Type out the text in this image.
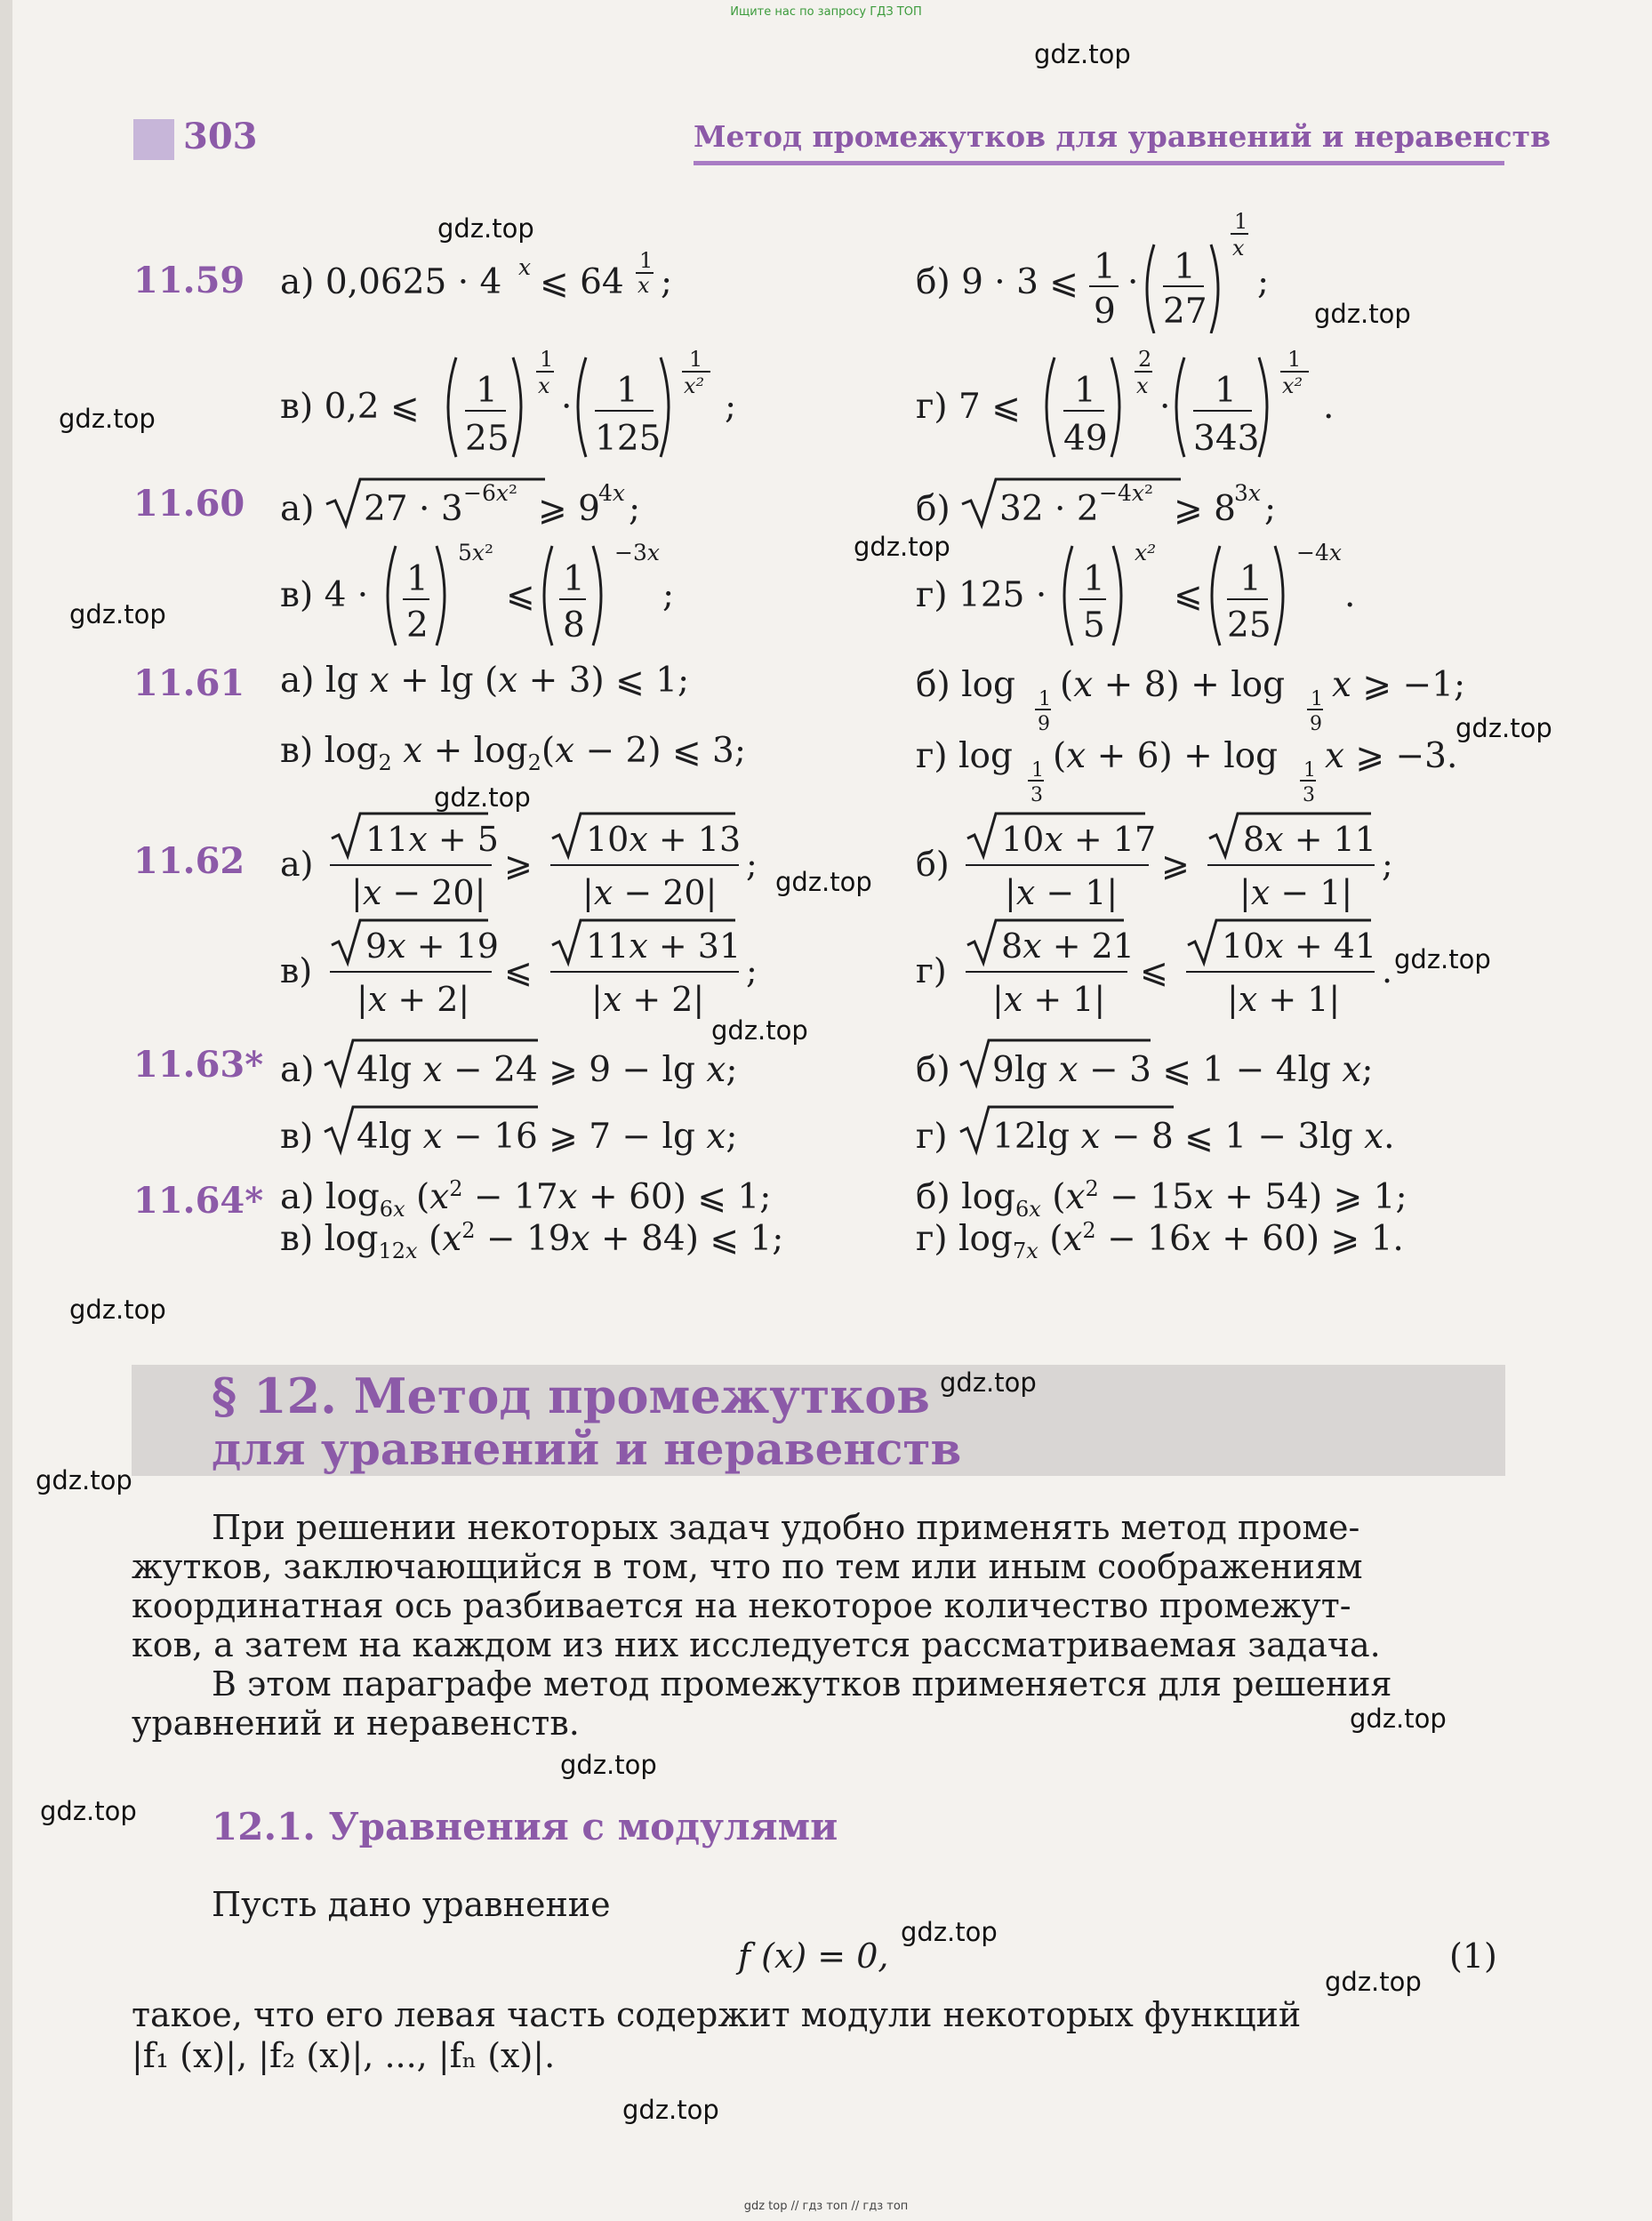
Ищите нас по запросу ГДЗ ТОП
303	Метод промежутков для уравнений и неравенств
11.59 а) 0,0625 · 4 x ⩽ 64
1
x ;	б) 9 · 3 ⩽ 1
9
· 1
27
1
x
;
в) 0,2 ⩽ 1
25
1
x
· 1
125
1
x²
;	г) 7 ⩽ 1
49
2
x
· 1
343
1
x²
.
11.60 а) 27 · 3 −6x² ⩾ 9
4x ;	б) 32 · 2 −4x² ⩾ 8
3x ;
в) 4 · 1
2
5x²
⩽ 1
8
−3x
;	г) 125 · 1
5
x²
⩽ 1
25
−4x
.
11.61 а) lg x + lg (x + 3) ⩽ 1;	б) log 1
9
(x + 8) + log 1
9
x ⩾ −1;
в) $\log_2 x + \log_2(x - 2)$ ⩽ 3;	г) log 1
3
(x + 6) + log 1
3
x ⩾ −3.
11.62 а)
11x + 5
|x − 20|
⩾
10x + 13
|x − 20|
;	б)
10x + 17
|x − 1|
⩾
8x + 11
|x − 1|
;
в)
9x + 19
|x + 2|
⩽
11x + 31
|x + 2|
;	г)
8x + 21
|x + 1|
⩽
10x + 41
|x + 1|
.
11.63* а) 4lg x − 24 ⩾ 9 − lg x;	б) 9lg x − 3 ⩽ 1 − 4lg x;
в) 4lg x − 16 ⩾ 7 − lg x;	г) 12lg x − 8 ⩽ 1 − 3lg x.
11.64* а) $\log_{6x} (x^2 - 17x + 60)$ ⩽ 1;	б) $\log_{6x} (x^2 - 15x + 54)$ ⩾ 1;
в) $\log_{12x} (x^2 - 19x + 84)$ ⩽ 1;	г) $\log_{7x} (x^2 - 16x + 60)$ ⩾ 1.
§ 12. Метод промежутков
для уравнений и неравенств
При решении некоторых задач удобно применять метод проме-
жутков, заключающийся в том, что по тем или иным соображениям
координатная ось разбивается на некоторое количество промежут-
ков, а затем на каждом из них исследуется рассматриваемая задача.
В этом параграфе метод промежутков применяется для решения
уравнений и неравенств.
12.1. Уравнения с модулями
Пусть дано уравнение
f (x) = 0,	(1)
такое, что его левая часть содержит модули некоторых функций
|f₁ (x)|, |f₂ (x)|, ..., |fₙ (x)|.
gdz.top
gdz.top
gdz.top
gdz.top
gdz.top
gdz.top
gdz.top
gdz.top
gdz.top
gdz.top
gdz.top
gdz.top
gdz.top
gdz.top
gdz.top
gdz.top
gdz.top
gdz.top
gdz.top
gdz.top
gdz top // гдз топ // гдз топ
